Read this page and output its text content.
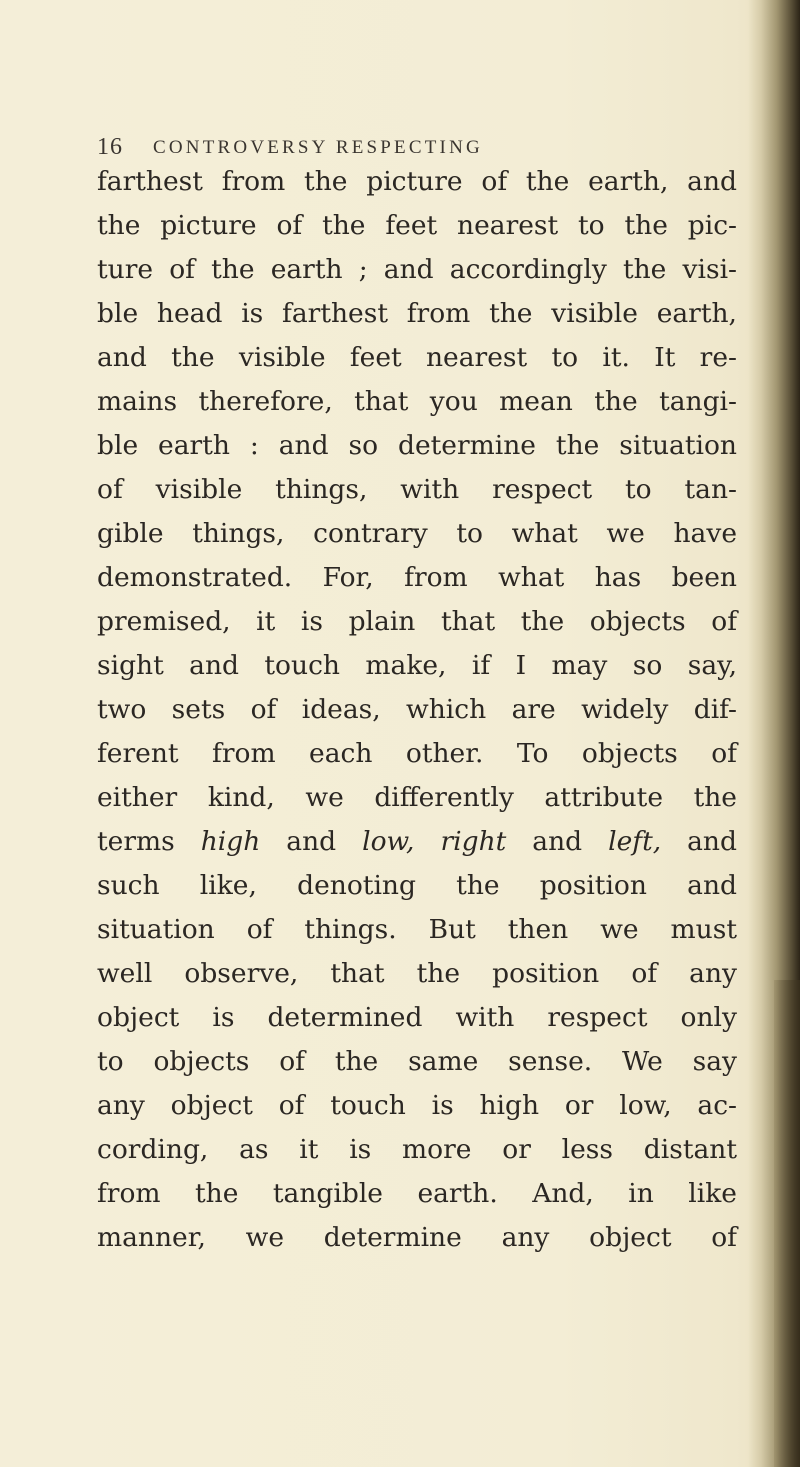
16 CONTROVERSY RESPECTING
farthest from the picture of the earth, and
the picture of the feet nearest to the pic-
ture of the earth ; and accordingly the visi-
ble head is farthest from the visible earth,
and the visible feet nearest to it. It re-
mains therefore, that you mean the tangi-
ble earth : and so determine the situation
of visible things, with respect to tan-
gible things, contrary to what we have
demonstrated. For, from what has been
premised, it is plain that the objects of
sight and touch make, if I may so say,
two sets of ideas, which are widely dif-
ferent from each other. To objects of
either kind, we differently attribute the
terms high and low, right and left, and
such like, denoting the position and
situation of things. But then we must
well observe, that the position of any
object is determined with respect only
to objects of the same sense. We say
any object of touch is high or low, ac-
cording, as it is more or less distant
from the tangible earth. And, in like
manner, we determine any object of
